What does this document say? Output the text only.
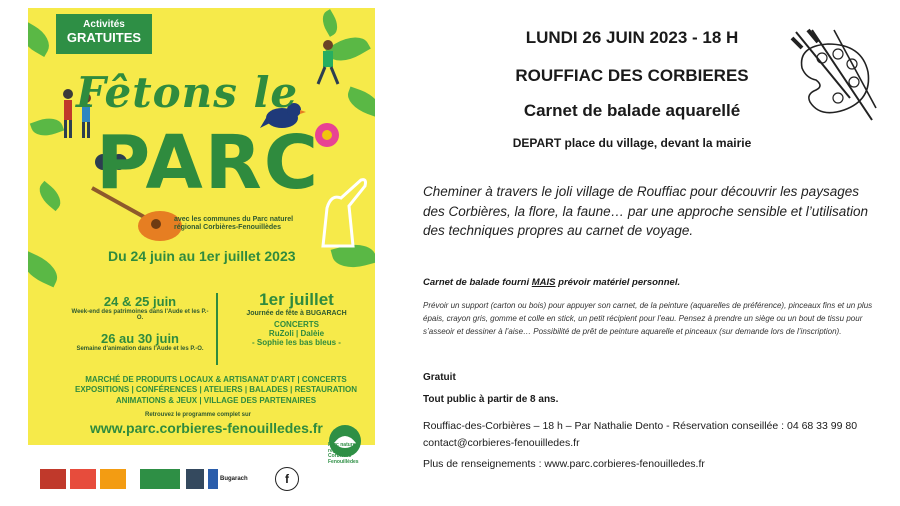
Activités
GRATUITES
Fêtons le
PARC
avec les communes du Parc naturel régional Corbières-Fenouillèdes
Du 24 juin au 1er juillet 2023
24 & 25 juin
Week-end des patrimoines dans l'Aude et les P.-O.
26 au 30 juin
Semaine d'animation dans l'Aude et les P.-O.
1er juillet
Journée de fête à BUGARACH
CONCERTS
RuZoli | Dalèie
- Sophie les bas bleus -
MARCHÉ DE PRODUITS LOCAUX & ARTISANAT D'ART | CONCERTS EXPOSITIONS | CONFÉRENCES | ATELIERS | BALADES | RESTAURATION ANIMATIONS & JEUX | VILLAGE DES PARTENAIRES
Retrouvez le programme complet sur
www.parc.corbieres-fenouilledes.fr
Bugarach	f
Parc naturel régional Corbières Fenouillèdes
LUNDI 26 JUIN 2023 - 18 H
ROUFFIAC DES CORBIERES
Carnet de balade aquarellé
DEPART place du village, devant la mairie

Cheminer à travers le joli village de Rouffiac pour découvrir les paysages des Corbières, la flore, la faune… par une approche sensible et l’utilisation des techniques propres au carnet de voyage.

Carnet de balade fourni MAIS prévoir matériel personnel.

Prévoir un support (carton ou bois) pour appuyer son carnet, de la peinture (aquarelles de préférence), pinceaux fins et un plus épais, crayon gris, gomme et colle en stick, un petit récipient pour l’eau. Pensez à prendre un siège ou un bout de tissu pour s’asseoir et dessiner à l’aise… Possibilité de prêt de peinture aquarelle et pinceaux (sur demande lors de l’inscription).

Gratuit

Tout public à partir de 8 ans.

Rouffiac-des-Corbières – 18 h – Par Nathalie Dento - Réservation conseillée : 04 68 33 99 80 contact@corbieres-fenouilledes.fr

Plus de renseignements : www.parc.corbieres-fenouilledes.fr
